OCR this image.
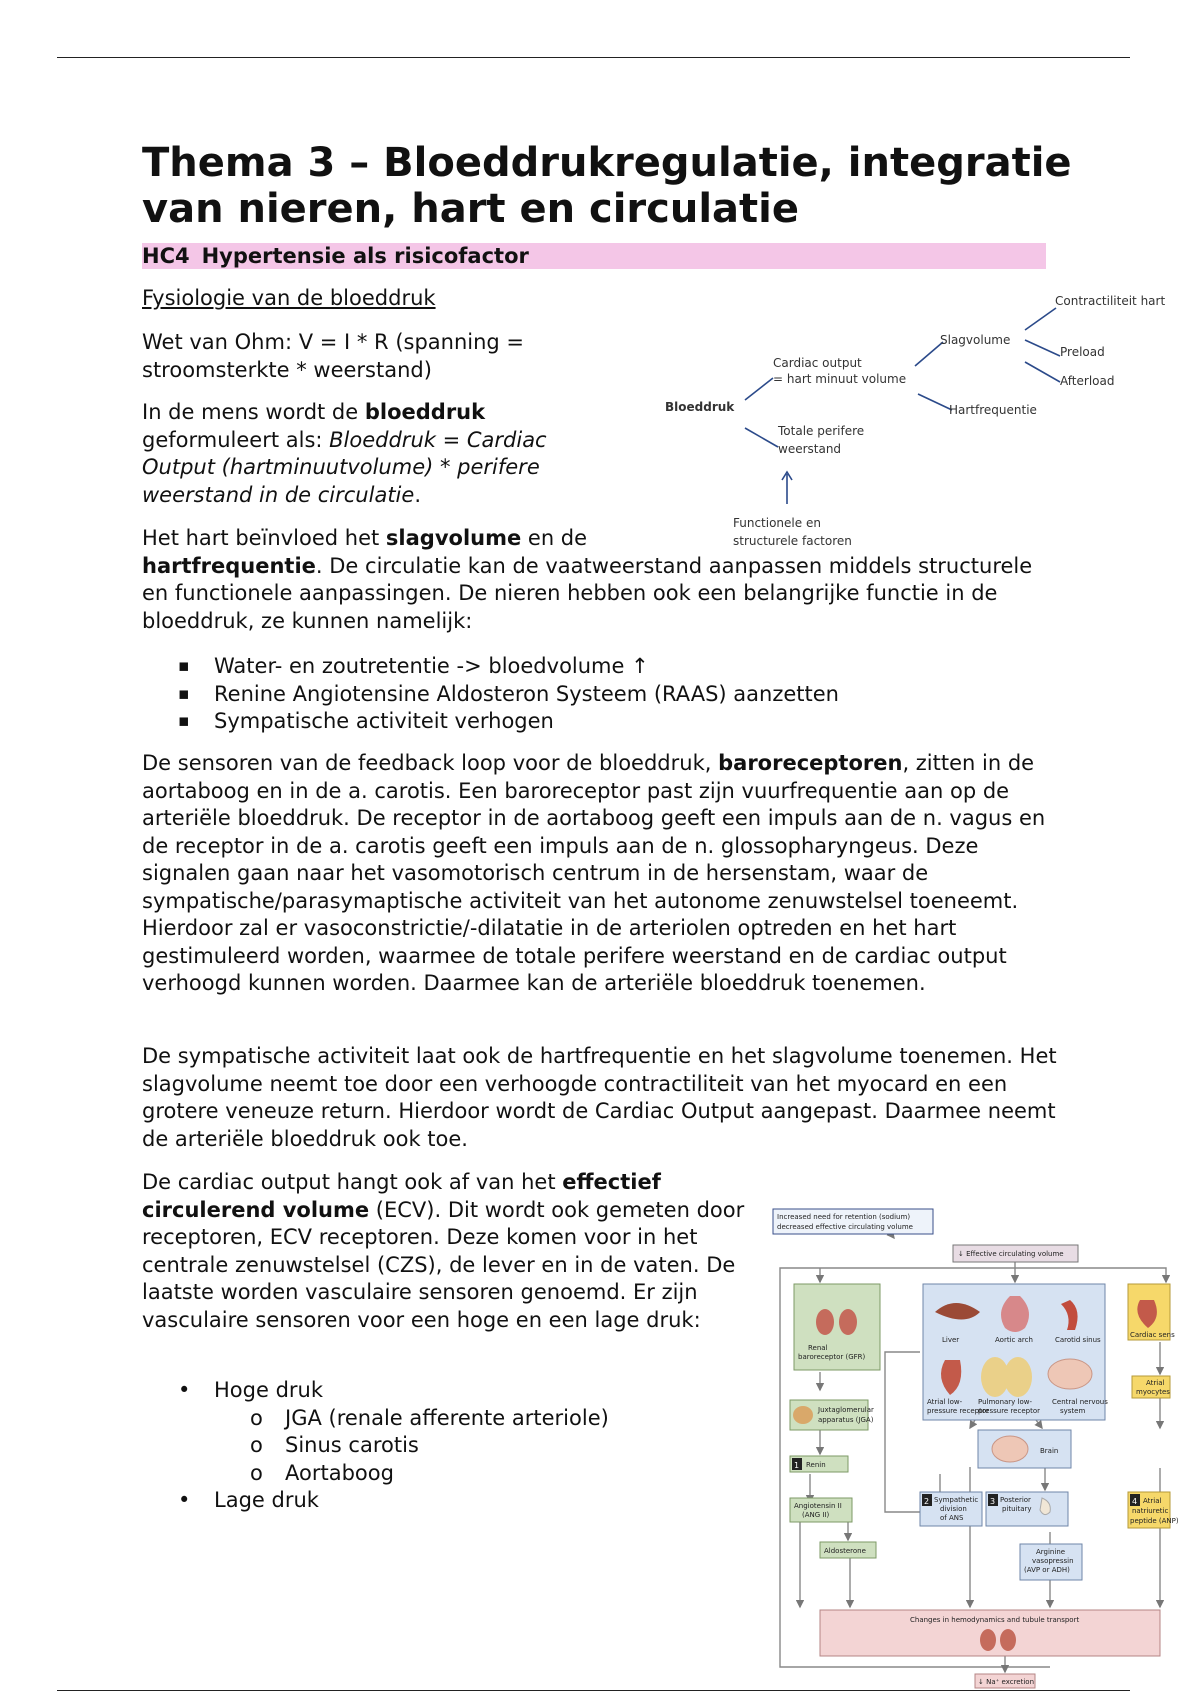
Thema 3 – Bloeddrukregulatie, integratie van nieren, hart en circulatie
HC4 Hypertensie als risicofactor

Fysiologie van de bloeddruk

Wet van Ohm: V = I * R (spanning = stroomsterkte * weerstand)

In de mens wordt de bloeddruk geformuleert als: Bloeddruk = Cardiac Output (hartminuutvolume) * perifere weerstand in de circulatie.

Het hart beïnvloed het slagvolume en de
hartfrequentie. De circulatie kan de vaatweerstand aanpassen middels structurele en functionele aanpassingen. De nieren hebben ook een belangrijke functie in de bloeddruk, ze kunnen namelijk:

▪ Water- en zoutretentie -> bloedvolume ↑
▪ Renine Angiotensine Aldosteron Systeem (RAAS) aanzetten
▪ Sympatische activiteit verhogen

De sensoren van de feedback loop voor de bloeddruk, baroreceptoren, zitten in de aortaboog en in de a. carotis. Een baroreceptor past zijn vuurfrequentie aan op de arteriële bloeddruk. De receptor in de aortaboog geeft een impuls aan de n. vagus en de receptor in de a. carotis geeft een impuls aan de n. glossopharyngeus. Deze signalen gaan naar het vasomotorisch centrum in de hersenstam, waar de sympatische/parasymaptische activiteit van het autonome zenuwstelsel toeneemt. Hierdoor zal er vasoconstrictie/-dilatatie in de arteriolen optreden en het hart gestimuleerd worden, waarmee de totale perifere weerstand en de cardiac output verhoogd kunnen worden. Daarmee kan de arteriële bloeddruk toenemen.

De sympatische activiteit laat ook de hartfrequentie en het slagvolume toenemen. Het slagvolume neemt toe door een verhoogde contractiliteit van het myocard en een grotere veneuze return. Hierdoor wordt de Cardiac Output aangepast. Daarmee neemt de arteriële bloeddruk ook toe.

De cardiac output hangt ook af van het effectief circulerend volume (ECV). Dit wordt ook gemeten door receptoren, ECV receptoren. Deze komen voor in het centrale zenuwstelsel (CZS), de lever en in de vaten. De laatste worden vasculaire sensoren genoemd. Er zijn vasculaire sensoren voor een hoge en een lage druk:

• Hoge druk
o JGA (renale afferente arteriole)
o Sinus carotis
o Aortaboog
• Lage druk

Bloeddruk

Cardiac output

= hart minuut volume

Totale perifere

weerstand

Slagvolume

Hartfrequentie

Contractiliteit hart

Preload

Afterload

Functionele en

structurele factoren

Increased need for retention (sodium)
decreased effective circulating volume
↓ Effective circulating volume
Renal
baroreceptor (GFR)
Liver	Aortic arch	Carotid sinus
Atrial low-
pressure receptor
Pulmonary low-
pressure receptor
Central nervous
system
Cardiac sens
Atrial
myocytes
Juxtaglomerular
apparatus (JGA)
Brain
1 Renin
Angiotensin II
(ANG II)
2 Sympathetic
division
of ANS
3 Posterior
pituitary
4 Atrial
natriuretic
peptide (ANP)
Aldosterone	Arginine
vasopressin
(AVP or ADH)
Changes in hemodynamics and tubule transport
↓ Na⁺ excretion
